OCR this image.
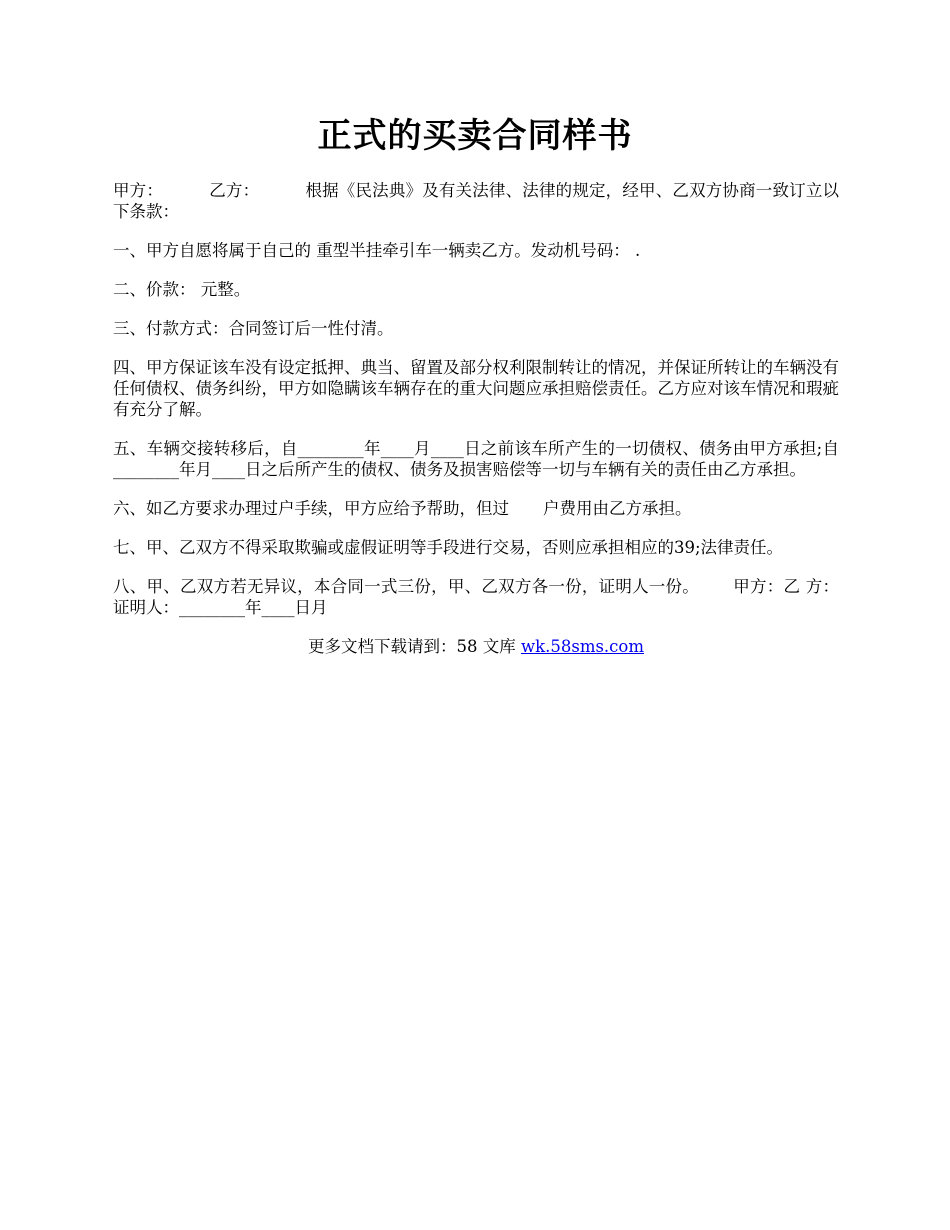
正式的买卖合同样书

甲方：	乙方：	根据《民法典》及有关法律、法律的规定，经甲、乙双方协商一致订立以下条款：

一、甲方自愿将属于自己的 重型半挂牵引车一辆卖乙方。发动机号码： .

二、价款： 元整。

三、付款方式：合同签订后一性付清。

四、甲方保证该车没有设定抵押、典当、留置及部分权利限制转让的情况，并保证所转让的车辆没有任何债权、债务纠纷，甲方如隐瞒该车辆存在的重大问题应承担赔偿责任。乙方应对该车情况和瑕疵有充分了解。

五、车辆交接转移后，自________年____月____日之前该车所产生的一切债权、债务由甲方承担;自________年月____日之后所产生的债权、债务及损害赔偿等一切与车辆有关的责任由乙方承担。

六、如乙方要求办理过户手续，甲方应给予帮助，但过 户费用由乙方承担。

七、甲、乙双方不得采取欺骗或虚假证明等手段进行交易，否则应承担相应的39;法律责任。

八、甲、乙双方若无异议，本合同一式三份，甲、乙双方各一份，证明人一份。 甲方：乙 方： 证明人：________年____日月

更多文档下载请到：58 文库 wk.58sms.com
